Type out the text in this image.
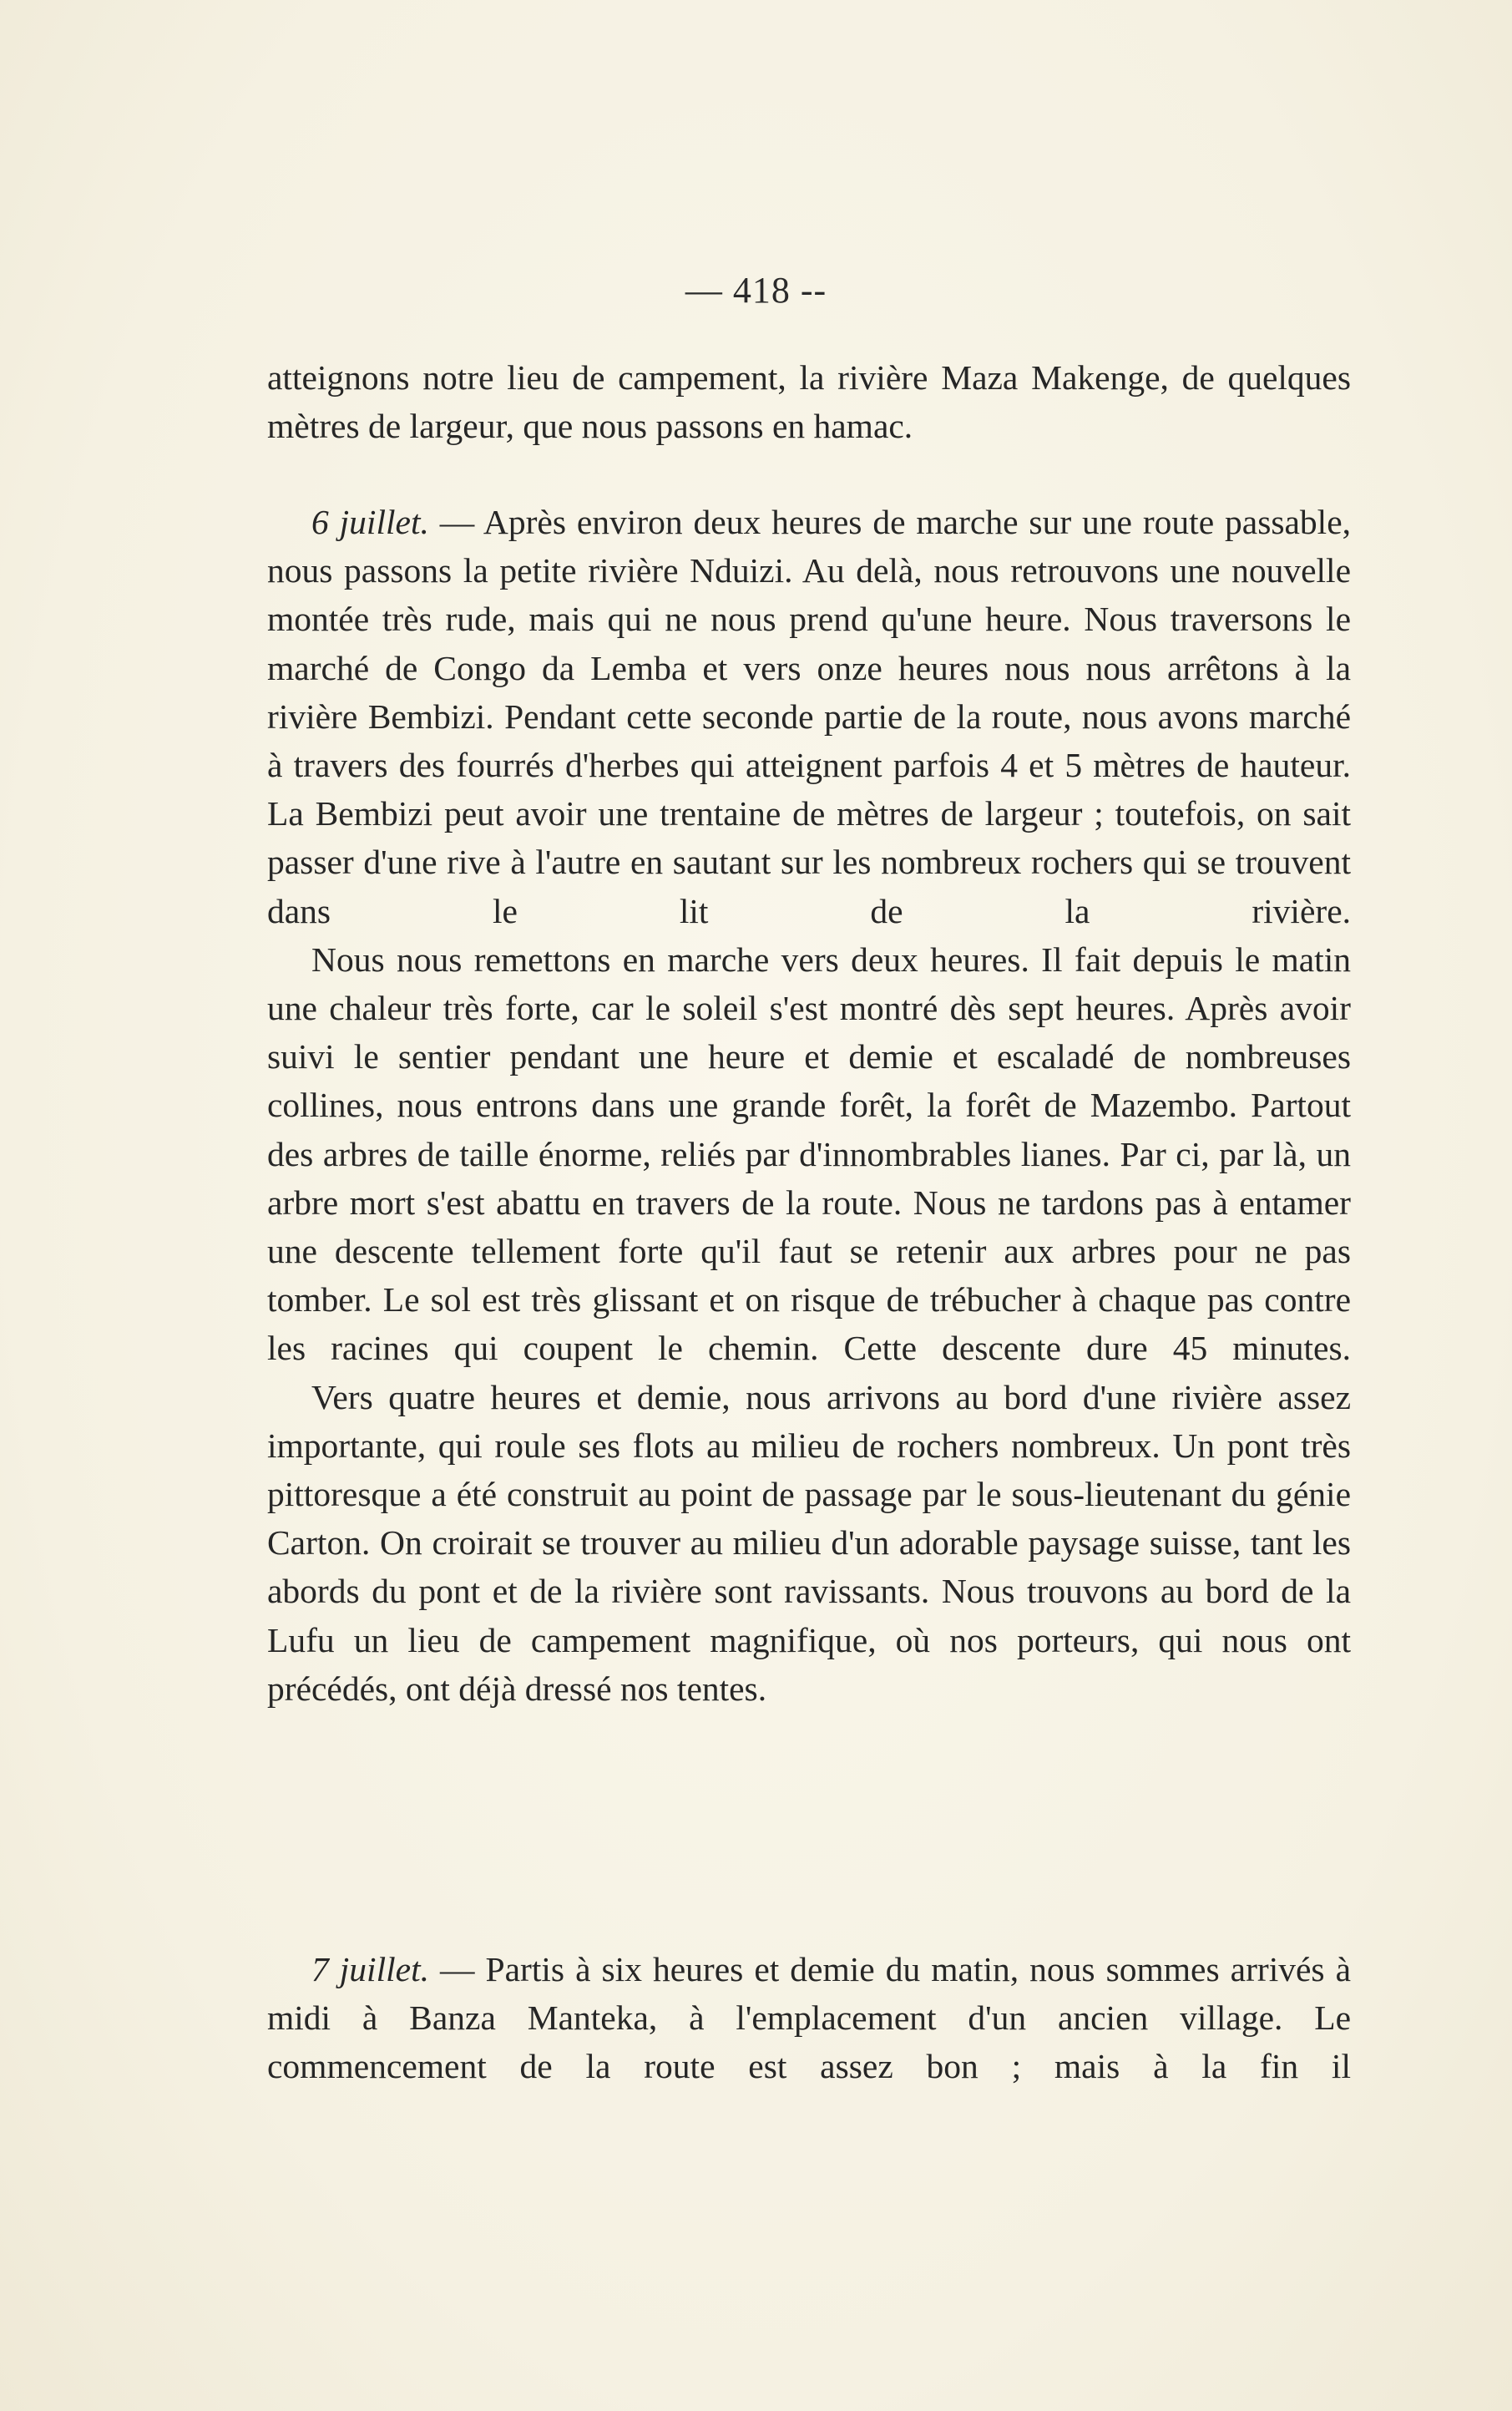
— 418 --

atteignons notre lieu de campement, la rivière Maza Makenge, de quelques mètres de largeur, que nous passons en hamac.

6 juillet. — Après environ deux heures de marche sur une route passable, nous passons la petite rivière Nduizi. Au delà, nous retrouvons une nouvelle montée très rude, mais qui ne nous prend qu'une heure. Nous traversons le marché de Congo da Lemba et vers onze heures nous nous arrêtons à la rivière Bembizi. Pendant cette seconde partie de la route, nous avons marché à travers des fourrés d'herbes qui atteignent parfois 4 et 5 mètres de hauteur. La Bembizi peut avoir une trentaine de mètres de largeur ; toutefois, on sait passer d'une rive à l'autre en sautant sur les nombreux rochers qui se trouvent dans le lit de la rivière.

Nous nous remettons en marche vers deux heures. Il fait depuis le matin une chaleur très forte, car le soleil s'est montré dès sept heures. Après avoir suivi le sentier pendant une heure et demie et escaladé de nombreuses collines, nous entrons dans une grande forêt, la forêt de Mazembo. Partout des arbres de taille énorme, reliés par d'innombrables lianes. Par ci, par là, un arbre mort s'est abattu en travers de la route. Nous ne tardons pas à entamer une descente tellement forte qu'il faut se retenir aux arbres pour ne pas tomber. Le sol est très glissant et on risque de trébucher à chaque pas contre les racines qui coupent le chemin. Cette descente dure 45 minutes.

Vers quatre heures et demie, nous arrivons au bord d'une rivière assez importante, qui roule ses flots au milieu de rochers nombreux. Un pont très pittoresque a été construit au point de passage par le sous-lieutenant du génie Carton. On croirait se trouver au milieu d'un adorable paysage suisse, tant les abords du pont et de la rivière sont ravissants. Nous trouvons au bord de la Lufu un lieu de campement magnifique, où nos porteurs, qui nous ont précédés, ont déjà dressé nos tentes.

7 juillet. — Partis à six heures et demie du matin, nous sommes arrivés à midi à Banza Manteka, à l'emplacement d'un ancien village. Le commencement de la route est assez bon ; mais à la fin il
